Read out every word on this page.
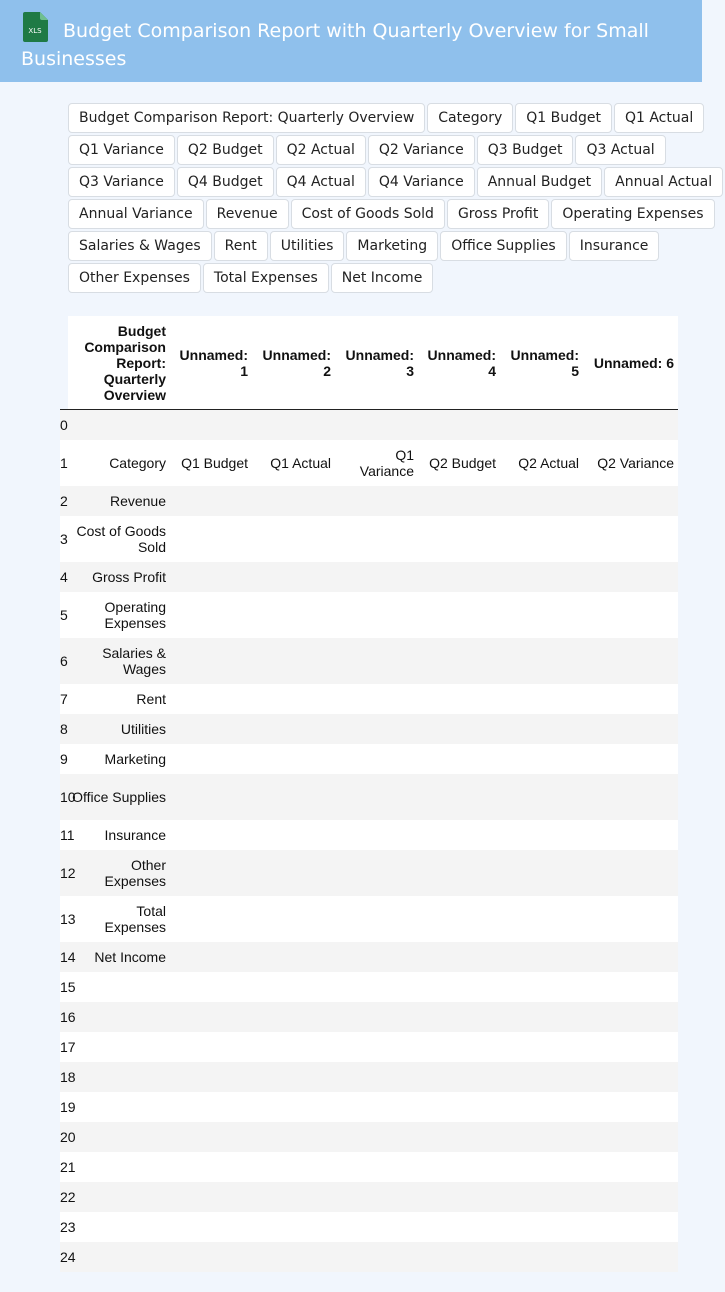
XLS Budget Comparison Report with Quarterly Overview for Small Businesses
Budget Comparison Report: Quarterly Overview Category Q1 Budget Q1 Actual
Q1 Variance Q2 Budget Q2 Actual Q2 Variance Q3 Budget Q3 Actual
Q3 Variance Q4 Budget Q4 Actual Q4 Variance Annual Budget Annual Actual
Annual Variance Revenue Cost of Goods Sold Gross Profit Operating Expenses
Salaries & Wages Rent Utilities Marketing Office Supplies Insurance
Other Expenses Total Expenses Net Income
	Budget Comparison Report: Quarterly Overview	Unnamed: 1	Unnamed: 2	Unnamed: 3	Unnamed: 4	Unnamed: 5	Unnamed: 6
0							
1	Category	Q1 Budget	Q1 Actual	Q1 Variance	Q2 Budget	Q2 Actual	Q2 Variance
2	Revenue						
3	Cost of Goods Sold						
4	Gross Profit						
5	Operating Expenses						
6	Salaries & Wages						
7	Rent						
8	Utilities						
9	Marketing						
10	Office Supplies						
11	Insurance						
12	Other Expenses						
13	Total Expenses						
14	Net Income						
15							
16							
17							
18							
19							
20							
21							
22							
23							
24							
